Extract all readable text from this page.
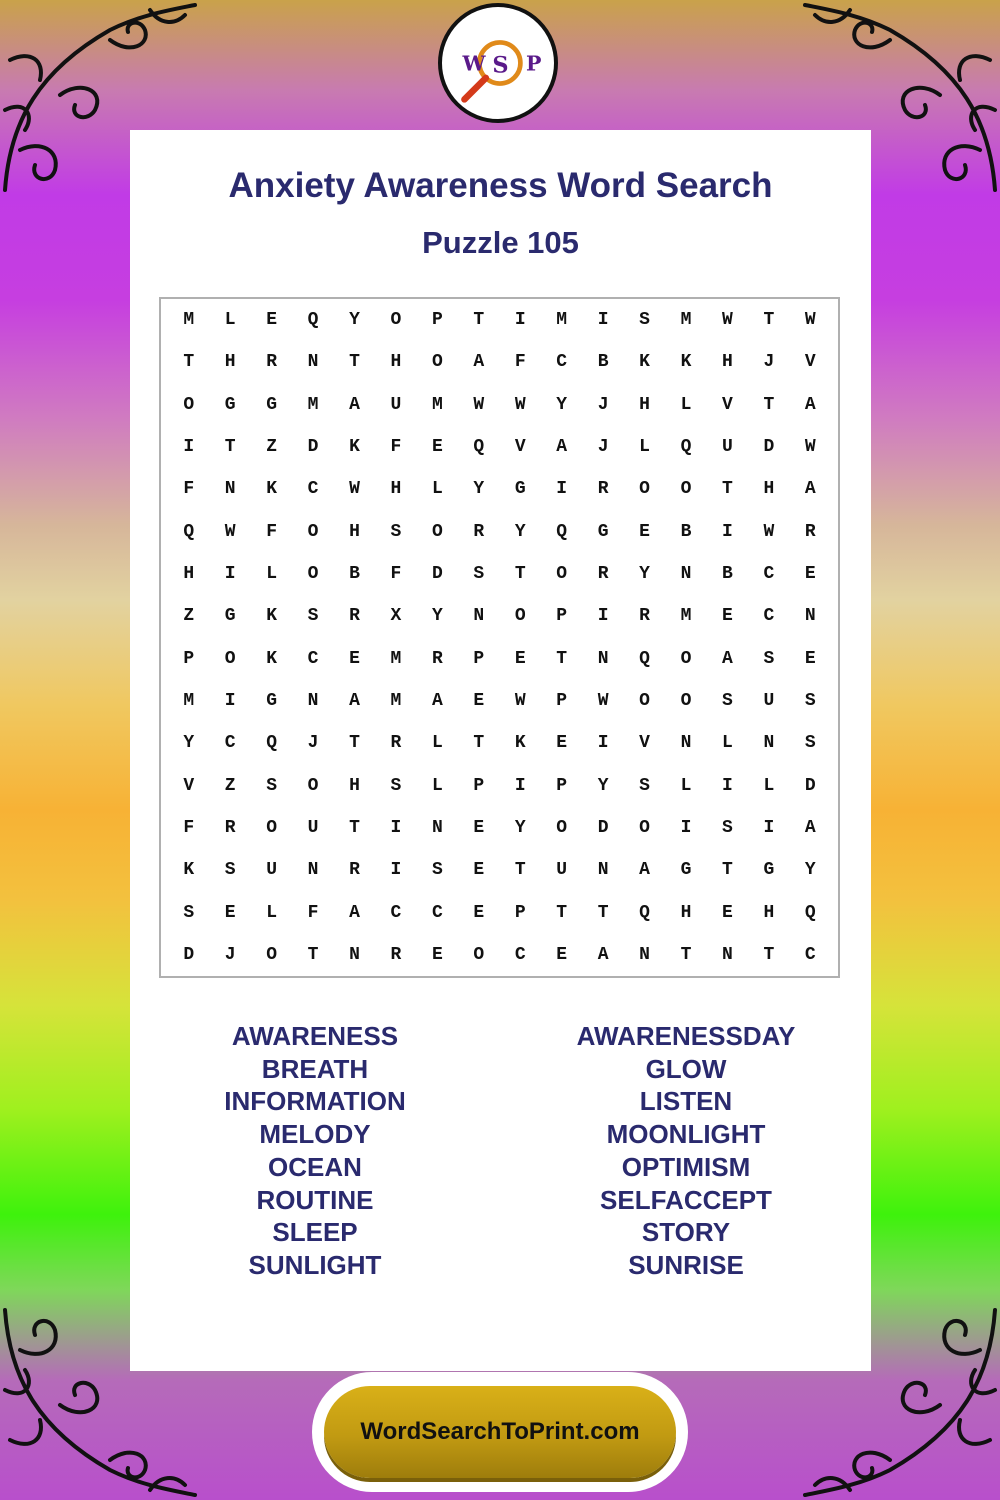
W S P
Anxiety Awareness Word Search
Puzzle 105
M	L	E	Q	Y	O	P	T	I	M	I	S	M	W	T	W
T	H	R	N	T	H	O	A	F	C	B	K	K	H	J	V
O	G	G	M	A	U	M	W	W	Y	J	H	L	V	T	A
I	T	Z	D	K	F	E	Q	V	A	J	L	Q	U	D	W
F	N	K	C	W	H	L	Y	G	I	R	O	O	T	H	A
Q	W	F	O	H	S	O	R	Y	Q	G	E	B	I	W	R
H	I	L	O	B	F	D	S	T	O	R	Y	N	B	C	E
Z	G	K	S	R	X	Y	N	O	P	I	R	M	E	C	N
P	O	K	C	E	M	R	P	E	T	N	Q	O	A	S	E
M	I	G	N	A	M	A	E	W	P	W	O	O	S	U	S
Y	C	Q	J	T	R	L	T	K	E	I	V	N	L	N	S
V	Z	S	O	H	S	L	P	I	P	Y	S	L	I	L	D
F	R	O	U	T	I	N	E	Y	O	D	O	I	S	I	A
K	S	U	N	R	I	S	E	T	U	N	A	G	T	G	Y
S	E	L	F	A	C	C	E	P	T	T	Q	H	E	H	Q
D	J	O	T	N	R	E	O	C	E	A	N	T	N	T	C
AWARENESS
BREATH
INFORMATION
MELODY
OCEAN
ROUTINE
SLEEP
SUNLIGHT
AWARENESSDAY
GLOW
LISTEN
MOONLIGHT
OPTIMISM
SELFACCEPT
STORY
SUNRISE
WordSearchToPrint.com
